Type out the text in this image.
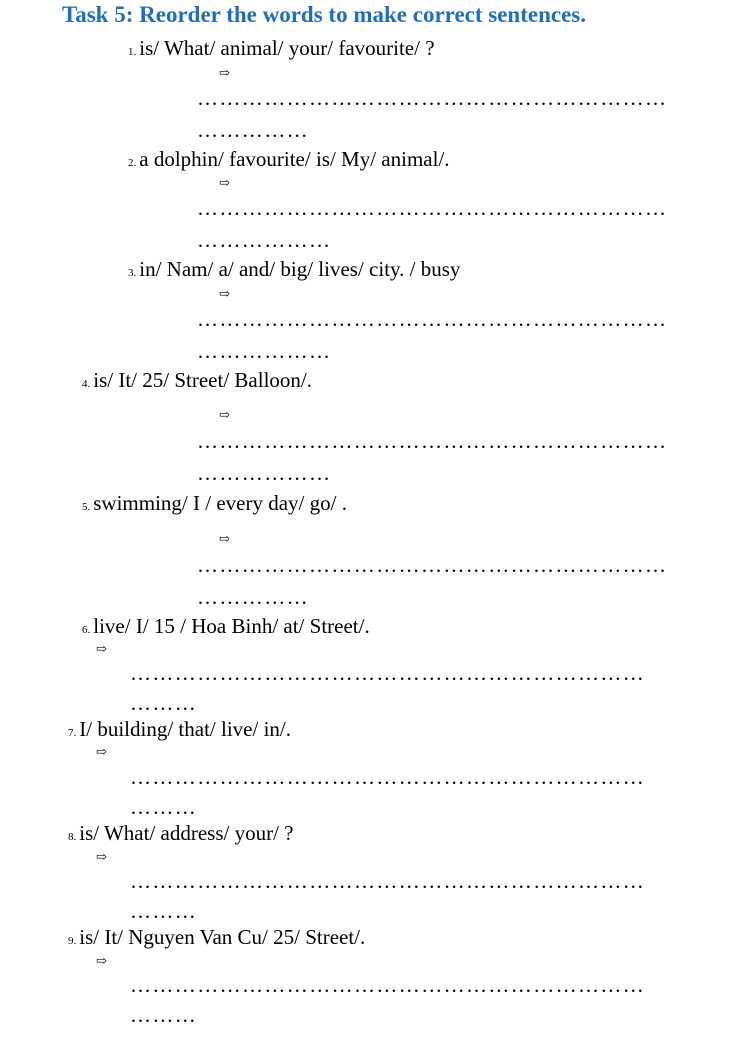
Task 5: Reorder the words to make correct sentences.
1. is/ What/ animal/ your/ favourite/ ?
⇨
………………………………………………………
……………
2. a dolphin/ favourite/ is/ My/ animal/.
⇨
………………………………………………………
………………
3. in/ Nam/ a/ and/ big/ lives/ city. / busy
⇨
………………………………………………………
………………
4. is/ It/ 25/ Street/ Balloon/.
⇨
………………………………………………………
………………
5. swimming/ I / every day/ go/ .
⇨
………………………………………………………
……………
6. live/ I/ 15 / Hoa Binh/ at/ Street/.
⇨
……………………………………………………………
………
7. I/ building/ that/ live/ in/.
⇨
……………………………………………………………
………
8. is/ What/ address/ your/ ?
⇨
……………………………………………………………
………
9. is/ It/ Nguyen Van Cu/ 25/ Street/.
⇨
……………………………………………………………
………
